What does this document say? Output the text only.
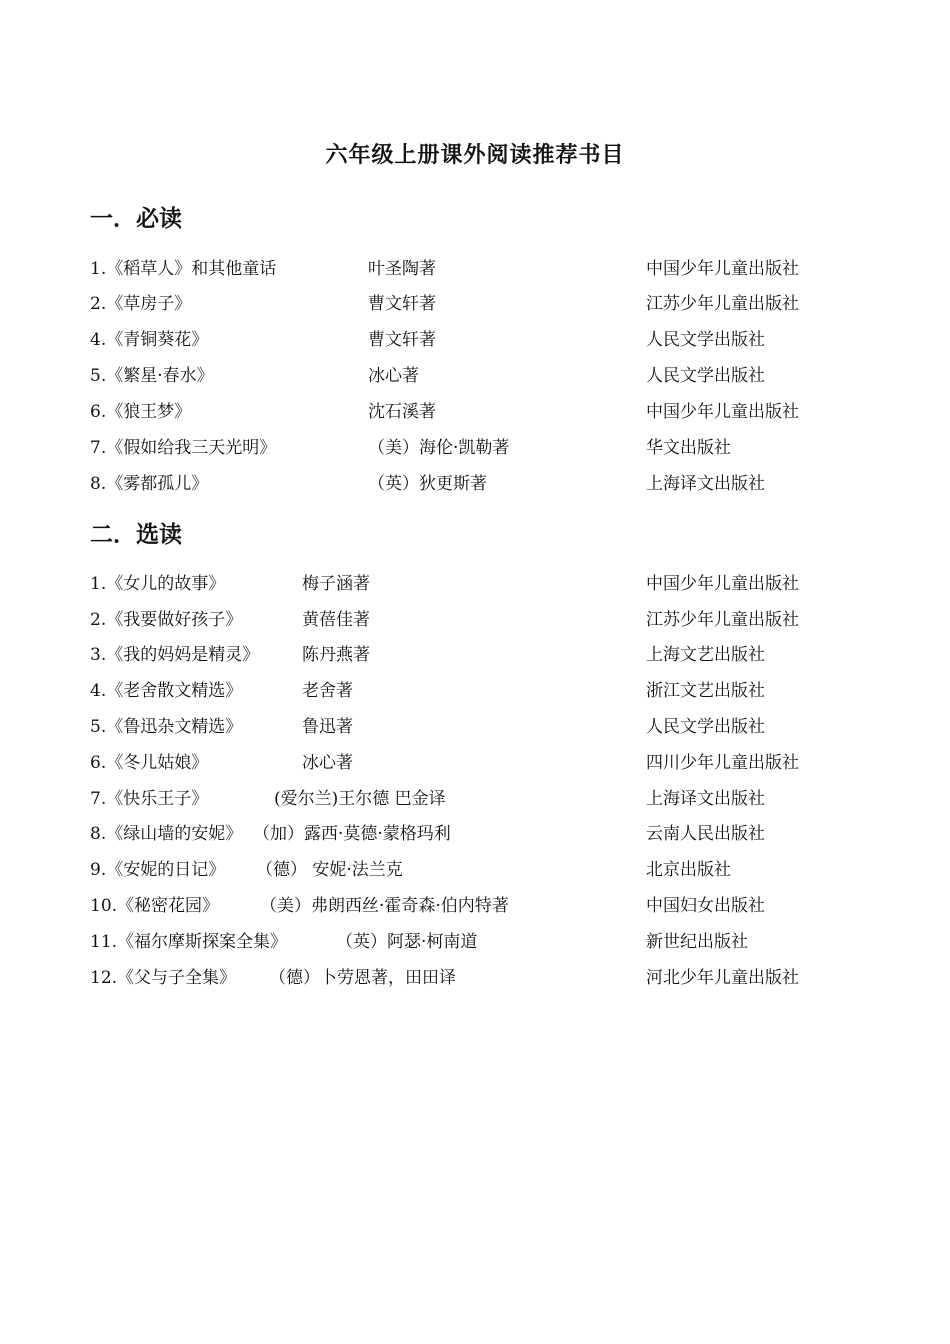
六年级上册课外阅读推荐书目
一．必读
1.《稻草人》和其他童话	叶圣陶著	中国少年儿童出版社
2.《草房子》	曹文轩著	江苏少年儿童出版社
4.《青铜葵花》	曹文轩著	人民文学出版社
5.《繁星·春水》	冰心著	人民文学出版社
6.《狼王梦》	沈石溪著	中国少年儿童出版社
7.《假如给我三天光明》	（美）海伦·凯勒著	华文出版社
8.《雾都孤儿》	（英）狄更斯著	上海译文出版社
二．选读
1.《女儿的故事》	梅子涵著	中国少年儿童出版社
2.《我要做好孩子》	黄蓓佳著	江苏少年儿童出版社
3.《我的妈妈是精灵》	陈丹燕著	上海文艺出版社
4.《老舍散文精选》	老舍著	浙江文艺出版社
5.《鲁迅杂文精选》	鲁迅著	人民文学出版社
6.《冬儿姑娘》	冰心著	四川少年儿童出版社
7.《快乐王子》	(爱尔兰)王尔德 巴金译	上海译文出版社
8.《绿山墙的安妮》 （加）露西·莫德·蒙格玛利	云南人民出版社
9.《安妮的日记》 （德） 安妮·法兰克	北京出版社
10.《秘密花园》 （美）弗朗西丝·霍奇森·伯内特著	中国妇女出版社
11.《福尔摩斯探案全集》	（英）阿瑟·柯南道	新世纪出版社
12.《父与子全集》 （德）卜劳恩著，田田译	河北少年儿童出版社
